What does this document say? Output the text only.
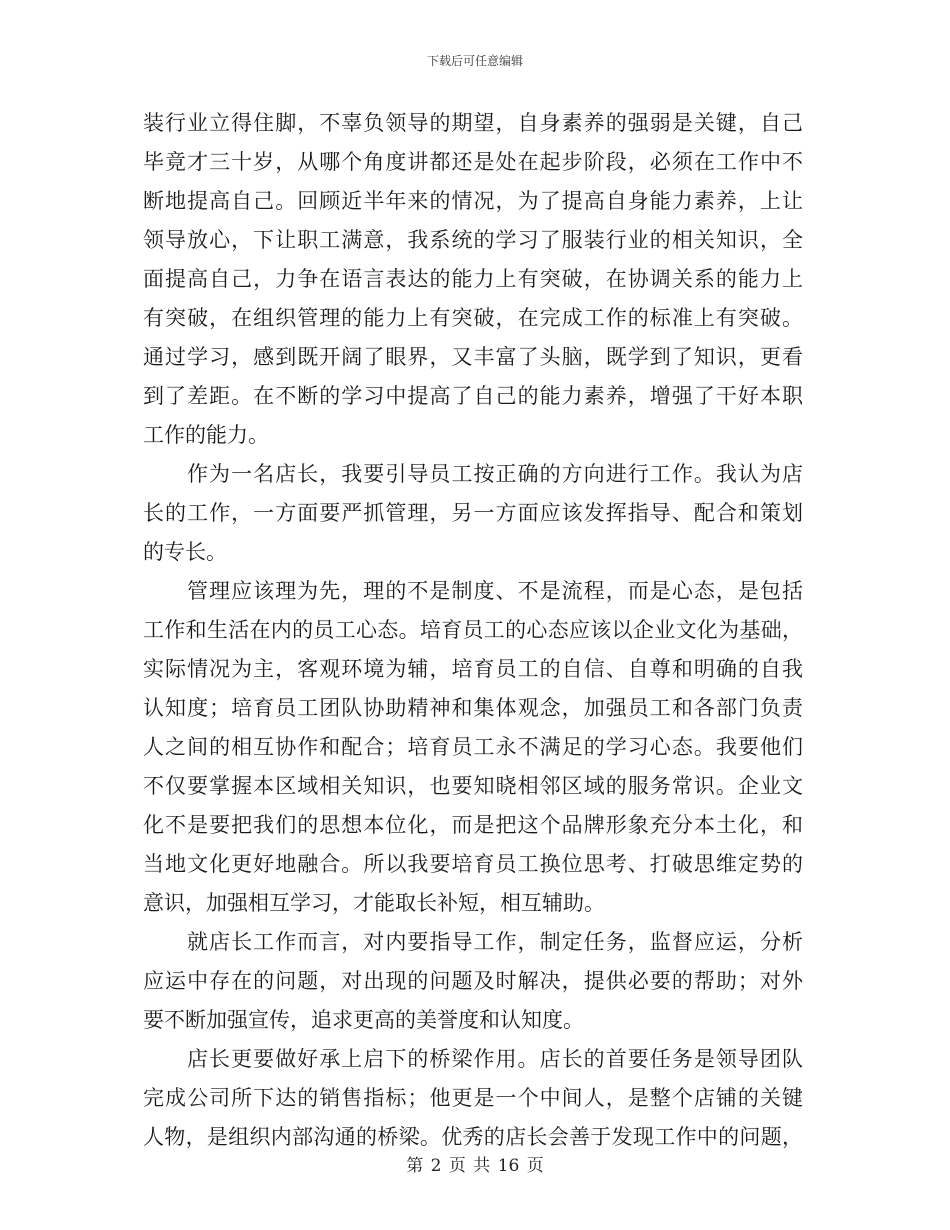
下载后可任意编辑
装行业立得住脚，不辜负领导的期望，自身素养的强弱是关键，自己
毕竟才三十岁，从哪个角度讲都还是处在起步阶段，必须在工作中不
断地提高自己。回顾近半年来的情况，为了提高自身能力素养，上让
领导放心，下让职工满意，我系统的学习了服装行业的相关知识，全
面提高自己，力争在语言表达的能力上有突破，在协调关系的能力上
有突破，在组织管理的能力上有突破，在完成工作的标准上有突破。
通过学习，感到既开阔了眼界，又丰富了头脑，既学到了知识，更看
到了差距。在不断的学习中提高了自己的能力素养，增强了干好本职
工作的能力。
作为一名店长，我要引导员工按正确的方向进行工作。我认为店
长的工作，一方面要严抓管理，另一方面应该发挥指导、配合和策划
的专长。
管理应该理为先，理的不是制度、不是流程，而是心态，是包括
工作和生活在内的员工心态。培育员工的心态应该以企业文化为基础，
实际情况为主，客观环境为辅，培育员工的自信、自尊和明确的自我
认知度；培育员工团队协助精神和集体观念，加强员工和各部门负责
人之间的相互协作和配合；培育员工永不满足的学习心态。我要他们
不仅要掌握本区域相关知识，也要知晓相邻区域的服务常识。企业文
化不是要把我们的思想本位化，而是把这个品牌形象充分本土化，和
当地文化更好地融合。所以我要培育员工换位思考、打破思维定势的
意识，加强相互学习，才能取长补短，相互辅助。
就店长工作而言，对内要指导工作，制定任务，监督应运，分析
应运中存在的问题，对出现的问题及时解决，提供必要的帮助；对外
要不断加强宣传，追求更高的美誉度和认知度。
店长更要做好承上启下的桥梁作用。店长的首要任务是领导团队
完成公司所下达的销售指标；他更是一个中间人，是整个店铺的关键
人物，是组织内部沟通的桥梁。优秀的店长会善于发现工作中的问题，
第 2 页 共 16 页
